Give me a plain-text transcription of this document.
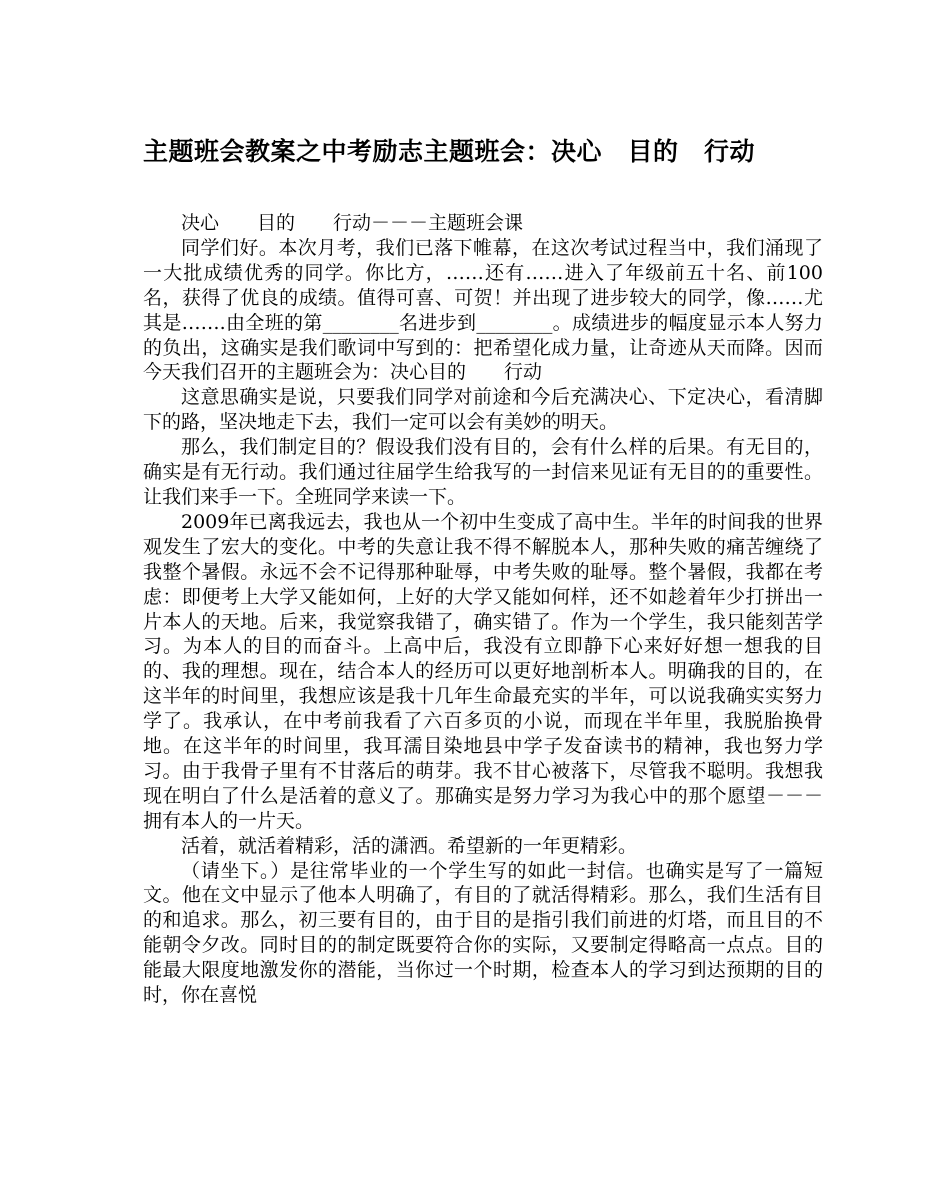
主题班会教案之中考励志主题班会：决心　目的　行动

决心　　目的　　行动－－－主题班会课

同学们好。本次月考，我们已落下帷幕，在这次考试过程当中，我们涌现了一大批成绩优秀的同学。你比方，……还有……进入了年级前五十名、前100名，获得了优良的成绩。值得可喜、可贺！并出现了进步较大的同学，像……尤其是…….由全班的第________名进步到________。成绩进步的幅度显示本人努力的负出，这确实是我们歌词中写到的：把希望化成力量，让奇迹从天而降。因而今天我们召开的主题班会为：决心目的　　行动

这意思确实是说，只要我们同学对前途和今后充满决心、下定决心，看清脚下的路，坚决地走下去，我们一定可以会有美妙的明天。

那么，我们制定目的？假设我们没有目的，会有什么样的后果。有无目的，确实是有无行动。我们通过往届学生给我写的一封信来见证有无目的的重要性。让我们来手一下。全班同学来读一下。

2009年已离我远去，我也从一个初中生变成了高中生。半年的时间我的世界观发生了宏大的变化。中考的失意让我不得不解脱本人，那种失败的痛苦缠绕了我整个暑假。永远不会不记得那种耻辱，中考失败的耻辱。整个暑假，我都在考虑：即便考上大学又能如何，上好的大学又能如何样，还不如趁着年少打拼出一片本人的天地。后来，我觉察我错了，确实错了。作为一个学生，我只能刻苦学习。为本人的目的而奋斗。上高中后，我没有立即静下心来好好想一想我的目的、我的理想。现在，结合本人的经历可以更好地剖析本人。明确我的目的，在这半年的时间里，我想应该是我十几年生命最充实的半年，可以说我确实实努力学了。我承认，在中考前我看了六百多页的小说，而现在半年里，我脱胎换骨地。在这半年的时间里，我耳濡目染地县中学子发奋读书的精神，我也努力学习。由于我骨子里有不甘落后的萌芽。我不甘心被落下，尽管我不聪明。我想我现在明白了什么是活着的意义了。那确实是努力学习为我心中的那个愿望－－－拥有本人的一片天。

活着，就活着精彩，活的潇洒。希望新的一年更精彩。

（请坐下。）是往常毕业的一个学生写的如此一封信。也确实是写了一篇短文。他在文中显示了他本人明确了，有目的了就活得精彩。那么，我们生活有目的和追求。那么，初三要有目的，由于目的是指引我们前进的灯塔，而且目的不能朝令夕改。同时目的的制定既要符合你的实际，又要制定得略高一点点。目的能最大限度地激发你的潜能，当你过一个时期，检查本人的学习到达预期的目的时，你在喜悦
